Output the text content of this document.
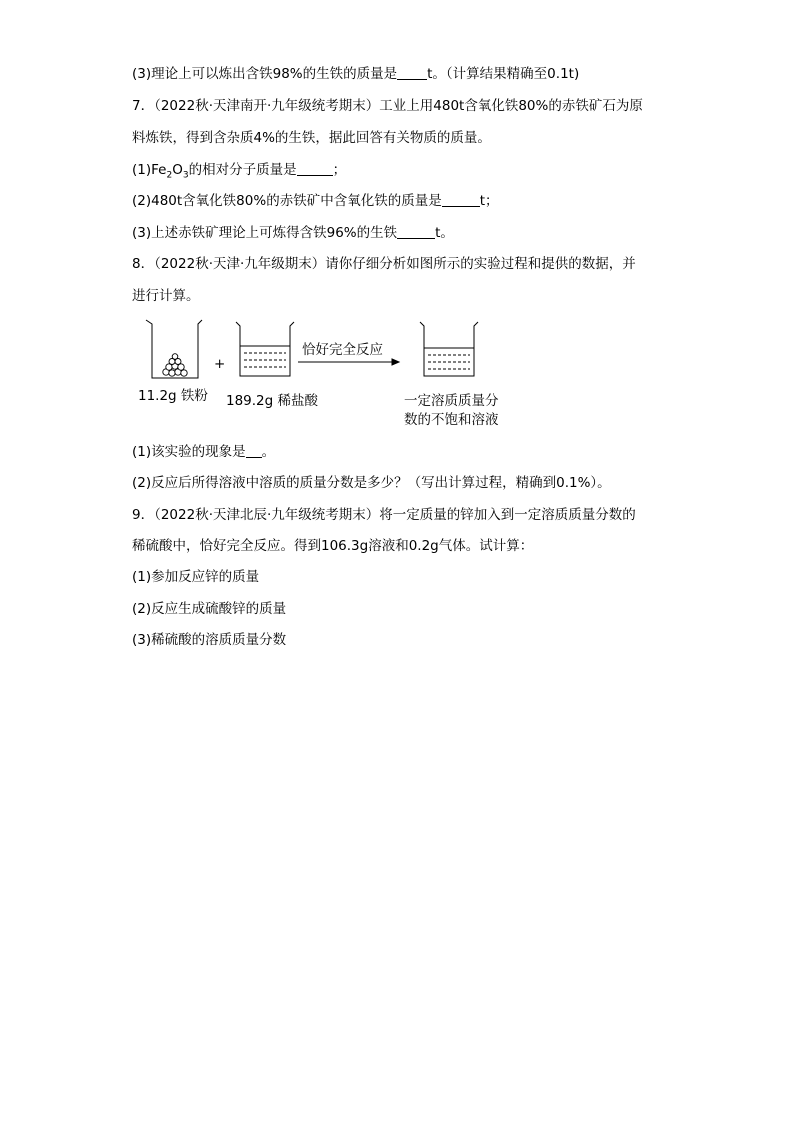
(3)理论上可以炼出含铁98%的生铁的质量是 t。（计算结果精确至0.1t)
7．（2022秋·天津南开·九年级统考期末）工业上用480t含氧化铁80%的赤铁矿石为原
料炼铁，得到含杂质4%的生铁，据此回答有关物质的质量。
$(1)Fe_2O_3$的相对分子质量是	；
(2)480t含氧化铁80%的赤铁矿中含氧化铁的质量是	t；
(3)上述赤铁矿理论上可炼得含铁96%的生铁	t。
8．（2022秋·天津·九年级期末）请你仔细分析如图所示的实验过程和提供的数据，并
进行计算。
+
恰好完全反应
11.2g 铁粉 189.2g 稀盐酸	一定溶质质量分
数的不饱和溶液
(1)该实验的现象是 。
(2)反应后所得溶液中溶质的质量分数是多少？（写出计算过程，精确到0.1%）。
9．（2022秋·天津北辰·九年级统考期末）将一定质量的锌加入到一定溶质质量分数的
稀硫酸中，恰好完全反应。得到106.3g溶液和0.2g气体。试计算：
(1)参加反应锌的质量
(2)反应生成硫酸锌的质量
(3)稀硫酸的溶质质量分数
